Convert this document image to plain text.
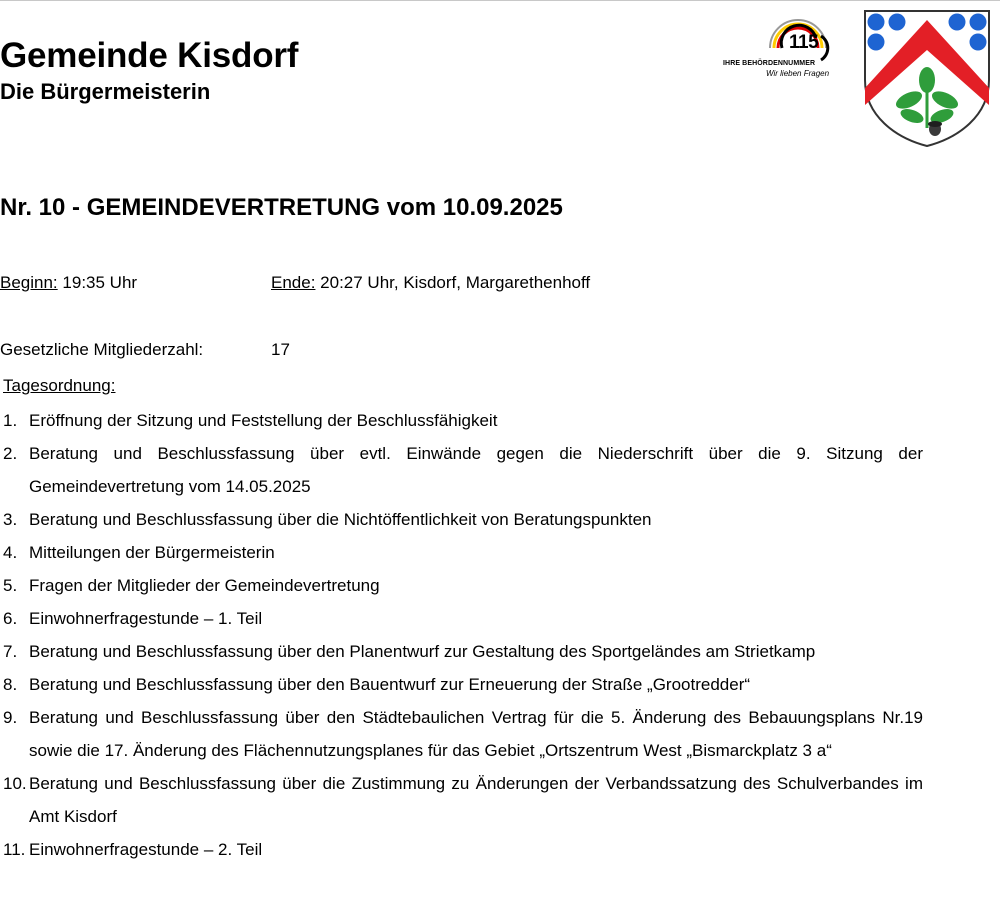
Gemeinde Kisdorf
Die Bürgermeisterin
115
IHRE BEHÖRDENNUMMER
Wir lieben Fragen
Nr. 10 - GEMEINDEVERTRETUNG vom 10.09.2025
Beginn: 19:35 Uhr	Ende: 20:27 Uhr, Kisdorf, Margarethenhoff
Gesetzliche Mitgliederzahl:	17
Tagesordnung:
1. Eröffnung der Sitzung und Feststellung der Beschlussfähigkeit
2. Beratung und Beschlussfassung über evtl. Einwände gegen die Niederschrift über die 9. Sitzung der Gemeindevertretung vom 14.05.2025
3. Beratung und Beschlussfassung über die Nichtöffentlichkeit von Beratungspunkten
4. Mitteilungen der Bürgermeisterin
5. Fragen der Mitglieder der Gemeindevertretung
6. Einwohnerfragestunde – 1. Teil
7. Beratung und Beschlussfassung über den Planentwurf zur Gestaltung des Sportgeländes am Strietkamp
8. Beratung und Beschlussfassung über den Bauentwurf zur Erneuerung der Straße „Grootredder“
9. Beratung und Beschlussfassung über den Städtebaulichen Vertrag für die 5. Änderung des Bebauungsplans Nr.19 sowie die 17. Änderung des Flächennutzungsplanes für das Gebiet „Ortszentrum West „Bismarckplatz 3 a“
10. Beratung und Beschlussfassung über die Zustimmung zu Änderungen der Verbandssatzung des Schulverbandes im Amt Kisdorf
11. Einwohnerfragestunde – 2. Teil
